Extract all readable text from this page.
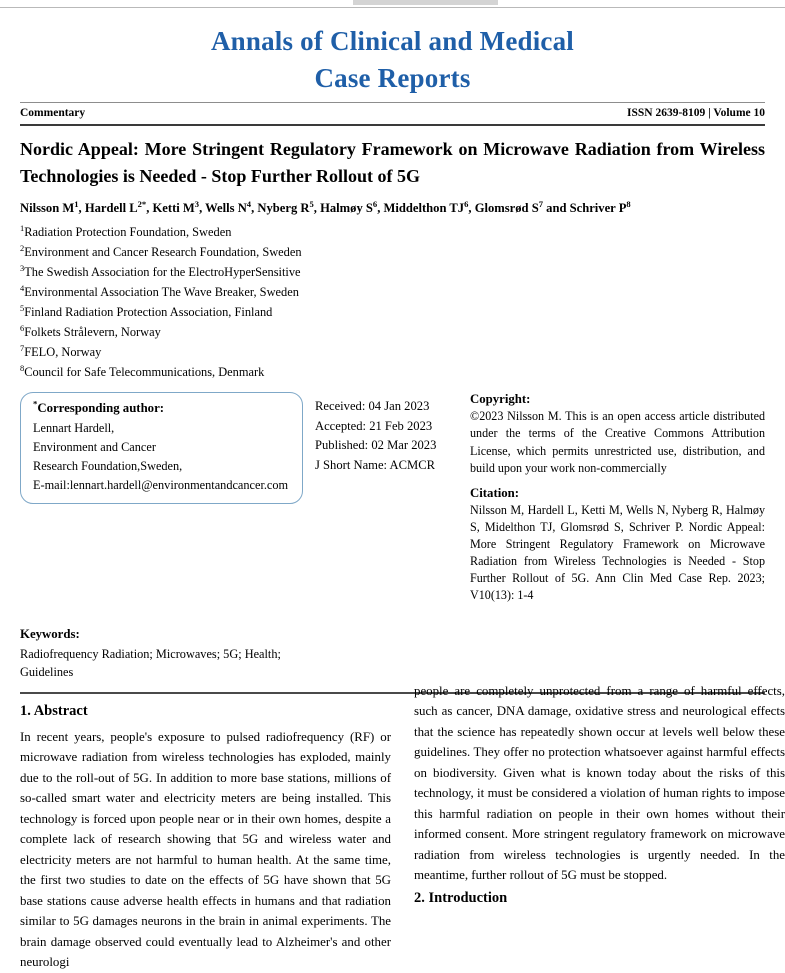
Annals of Clinical and Medical
Case Reports
Commentary	ISSN 2639-8109 | Volume 10
Nordic Appeal: More Stringent Regulatory Framework on Microwave Radiation from Wireless Technologies is Needed - Stop Further Rollout of 5G
Nilsson $M^1$, Hardell $L^{2*}$, Ketti $M^3$, Wells $N^4$, Nyberg $R^5$, Halmøy $S^6$, Middelthon $TJ^6$, Glomsrød $S^7$ and Schriver $P^8$
$^1$Radiation Protection Foundation, Sweden
$^2$Environment and Cancer Research Foundation, Sweden
$^3$The Swedish Association for the ElectroHyperSensitive
$^4$Environmental Association The Wave Breaker, Sweden
$^5$Finland Radiation Protection Association, Finland
$^6$Folkets Strålevern, Norway
$^7$FELO, Norway
$^8$Council for Safe Telecommunications, Denmark
*Corresponding author:
Lennart Hardell,
Environment and Cancer
Research Foundation,Sweden,
E-mail:lennart.hardell@environmentandcancer.com
Received: 04 Jan 2023
Accepted: 21 Feb 2023
Published: 02 Mar 2023
J Short Name: ACMCR
Copyright:

©2023 Nilsson M. This is an open access article distributed under the terms of the Creative Commons Attribution License, which permits unrestricted use, distribution, and build upon your work non-commercially

Citation:

Nilsson M, Hardell L, Ketti M, Wells N, Nyberg R, Halmøy S, Midelthon TJ, Glomsrød S, Schriver P. Nordic Appeal: More Stringent Regulatory Framework on Microwave Radiation from Wireless Technologies is Needed - Stop Further Rollout of 5G. Ann Clin Med Case Rep. 2023; V10(13): 1-4

Keywords:
Radiofrequency Radiation; Microwaves; 5G; Health; Guidelines
1. Abstract

In recent years, people's exposure to pulsed radiofrequency (RF) or microwave radiation from wireless technologies has exploded, mainly due to the roll-out of 5G. In addition to more base stations, millions of so-called smart water and electricity meters are being installed. This technology is forced upon people near or in their own homes, despite a complete lack of research showing that 5G and wireless water and electricity meters are not harmful to human health. At the same time, the first two studies to date on the effects of 5G have shown that 5G base stations cause adverse health effects in humans and that radiation similar to 5G damages neurons in the brain in animal experiments. The brain damage observed could eventually lead to Alzheimer's and other neurologi

people are completely unprotected from a range of harmful effects, such as cancer, DNA damage, oxidative stress and neurological effects that the science has repeatedly shown occur at levels well below these guidelines. They offer no protection whatsoever against harmful effects on biodiversity. Given what is known today about the risks of this technology, it must be considered a violation of human rights to impose this harmful radiation on people in their own homes without their informed consent. More stringent regulatory framework on microwave radiation from wireless technologies is urgently needed. In the meantime, further rollout of 5G must be stopped.

2. Introduction
